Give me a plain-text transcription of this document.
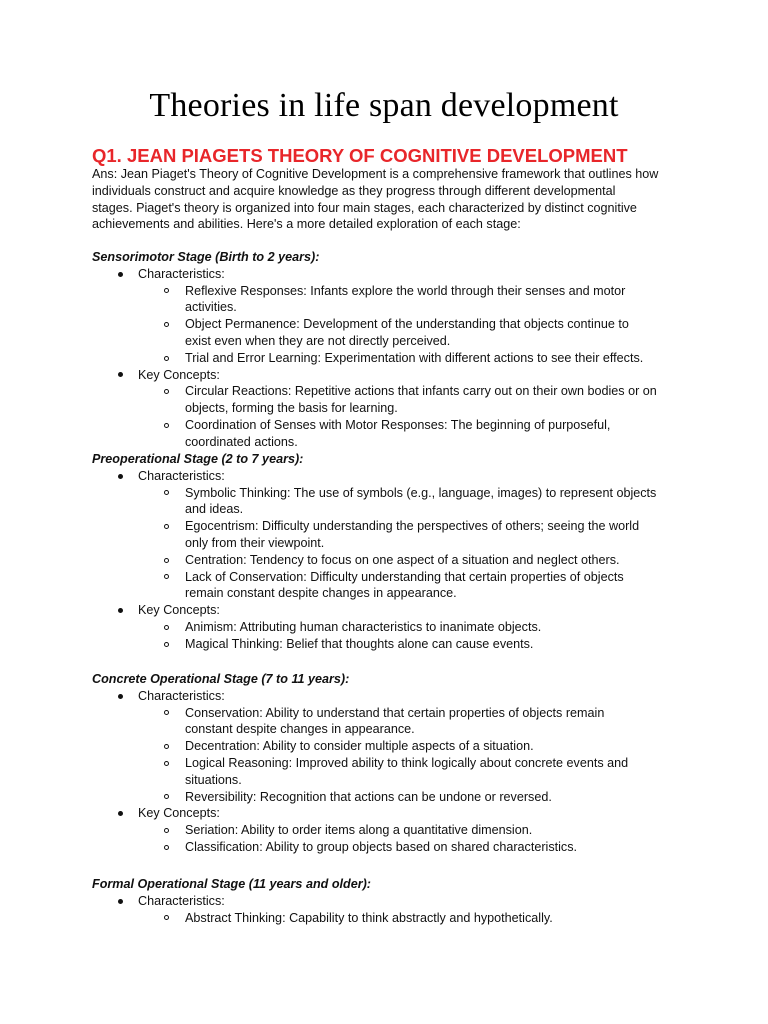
Theories in life span development
Q1. JEAN PIAGETS THEORY OF COGNITIVE DEVELOPMENT
Ans: Jean Piaget's Theory of Cognitive Development is a comprehensive framework that outlines how
individuals construct and acquire knowledge as they progress through different developmental
stages. Piaget's theory is organized into four main stages, each characterized by distinct cognitive
achievements and abilities. Here's a more detailed exploration of each stage:
Sensorimotor Stage (Birth to 2 years):
Characteristics:
Reflexive Responses: Infants explore the world through their senses and motor
activities.
Object Permanence: Development of the understanding that objects continue to
exist even when they are not directly perceived.
Trial and Error Learning: Experimentation with different actions to see their effects.
Key Concepts:
Circular Reactions: Repetitive actions that infants carry out on their own bodies or on
objects, forming the basis for learning.
Coordination of Senses with Motor Responses: The beginning of purposeful,
coordinated actions.
Preoperational Stage (2 to 7 years):
Characteristics:
Symbolic Thinking: The use of symbols (e.g., language, images) to represent objects
and ideas.
Egocentrism: Difficulty understanding the perspectives of others; seeing the world
only from their viewpoint.
Centration: Tendency to focus on one aspect of a situation and neglect others.
Lack of Conservation: Difficulty understanding that certain properties of objects
remain constant despite changes in appearance.
Key Concepts:
Animism: Attributing human characteristics to inanimate objects.
Magical Thinking: Belief that thoughts alone can cause events.
Concrete Operational Stage (7 to 11 years):
Characteristics:
Conservation: Ability to understand that certain properties of objects remain
constant despite changes in appearance.
Decentration: Ability to consider multiple aspects of a situation.
Logical Reasoning: Improved ability to think logically about concrete events and
situations.
Reversibility: Recognition that actions can be undone or reversed.
Key Concepts:
Seriation: Ability to order items along a quantitative dimension.
Classification: Ability to group objects based on shared characteristics.
Formal Operational Stage (11 years and older):
Characteristics:
Abstract Thinking: Capability to think abstractly and hypothetically.
